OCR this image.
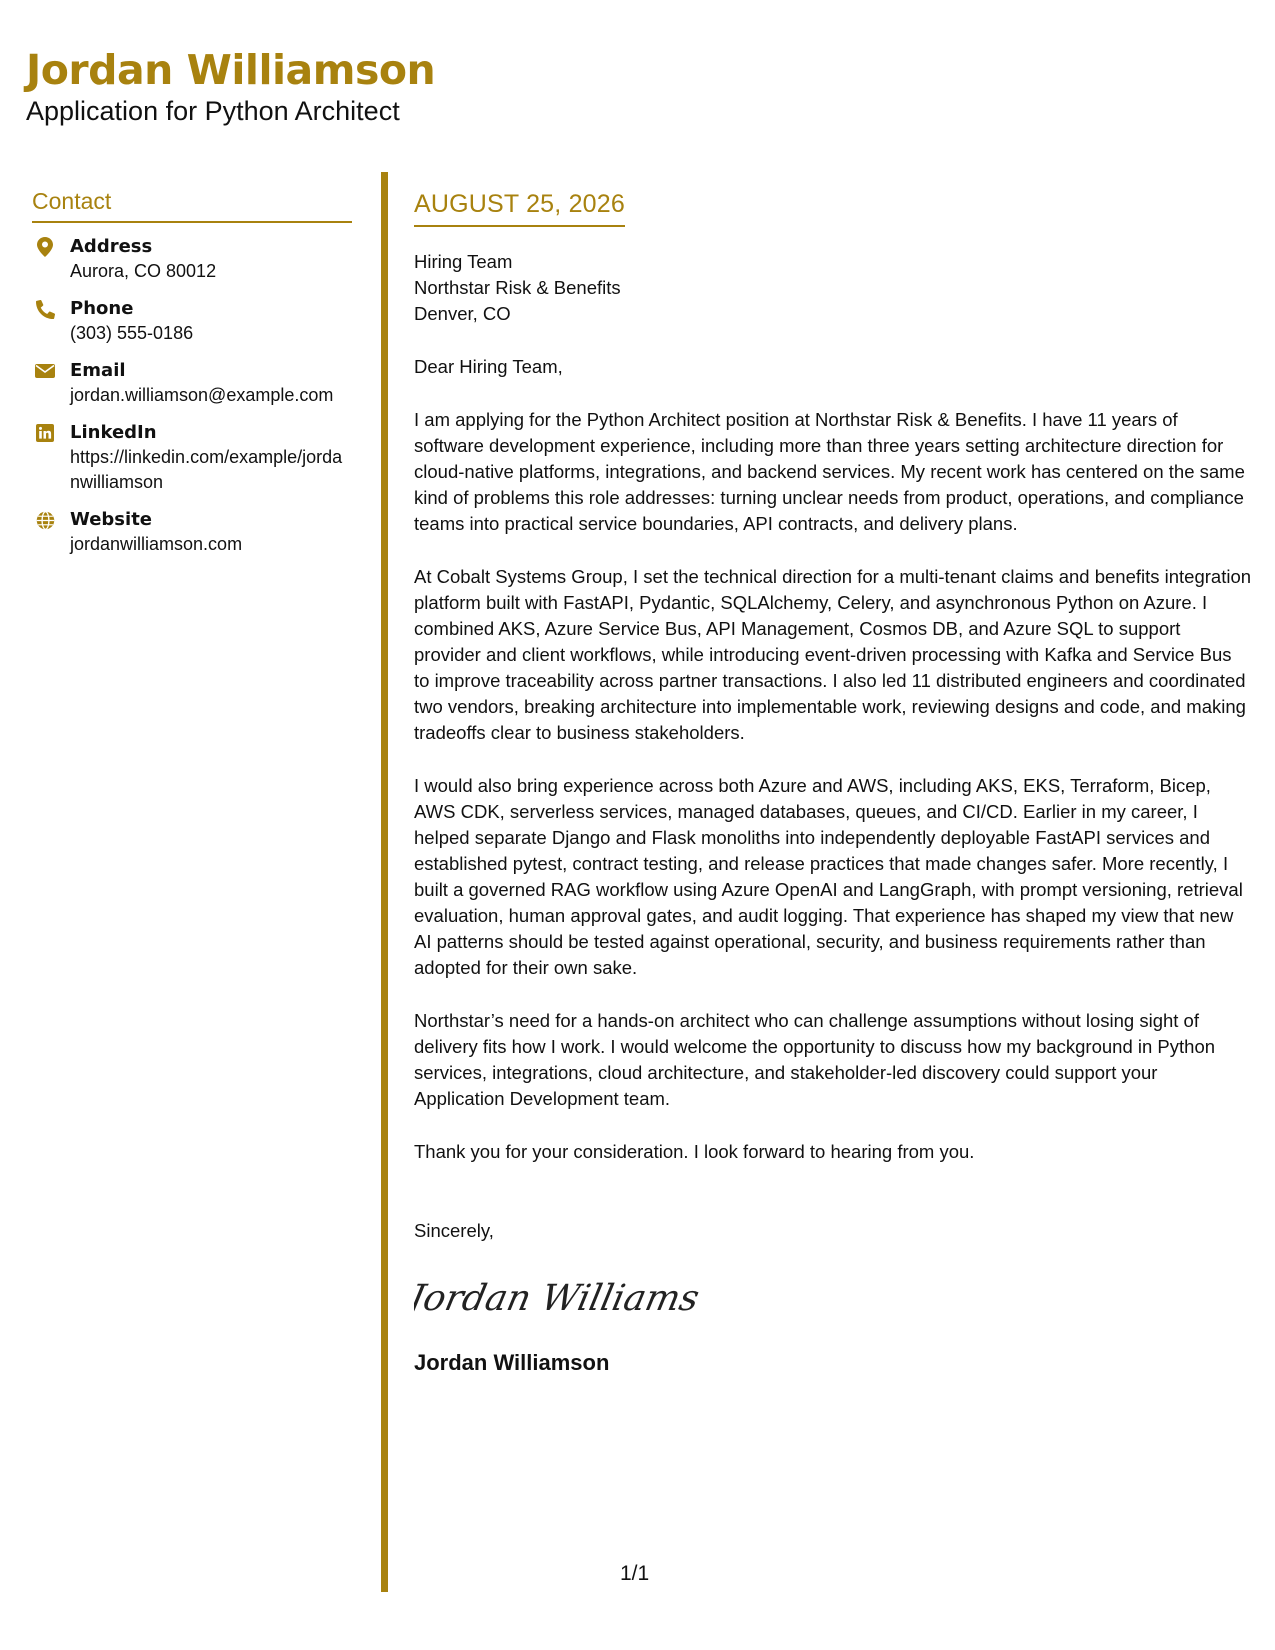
Jordan Williamson
Application for Python Architect
Contact
Address
Aurora, CO 80012
Phone
(303) 555-0186
Email
jordan.williamson@example.com
LinkedIn
https://linkedin.com/example/jordanwilliamson
Website
jordanwilliamson.com
AUGUST 25, 2026
Hiring Team
Northstar Risk & Benefits
Denver, CO
Dear Hiring Team,

I am applying for the Python Architect position at Northstar Risk & Benefits. I have 11 years of software development experience, including more than three years setting architecture direction for cloud-native platforms, integrations, and backend services. My recent work has centered on the same kind of problems this role addresses: turning unclear needs from product, operations, and compliance teams into practical service boundaries, API contracts, and delivery plans.

At Cobalt Systems Group, I set the technical direction for a multi-tenant claims and benefits integration platform built with FastAPI, Pydantic, SQLAlchemy, Celery, and asynchronous Python on Azure. I combined AKS, Azure Service Bus, API Management, Cosmos DB, and Azure SQL to support provider and client workflows, while introducing event-driven processing with Kafka and Service Bus to improve traceability across partner transactions. I also led 11 distributed engineers and coordinated two vendors, breaking architecture into implementable work, reviewing designs and code, and making tradeoffs clear to business stakeholders.

I would also bring experience across both Azure and AWS, including AKS, EKS, Terraform, Bicep, AWS CDK, serverless services, managed databases, queues, and CI/CD. Earlier in my career, I helped separate Django and Flask monoliths into independently deployable FastAPI services and established pytest, contract testing, and release practices that made changes safer. More recently, I built a governed RAG workflow using Azure OpenAI and LangGraph, with prompt versioning, retrieval evaluation, human approval gates, and audit logging. That experience has shaped my view that new AI patterns should be tested against operational, security, and business requirements rather than adopted for their own sake.

Northstar’s need for a hands-on architect who can challenge assumptions without losing sight of delivery fits how I work. I would welcome the opportunity to discuss how my background in Python services, integrations, cloud architecture, and stakeholder-led discovery could support your Application Development team.

Thank you for your consideration. I look forward to hearing from you.

Sincerely,
Jordan Williams
Jordan Williamson
1/1
